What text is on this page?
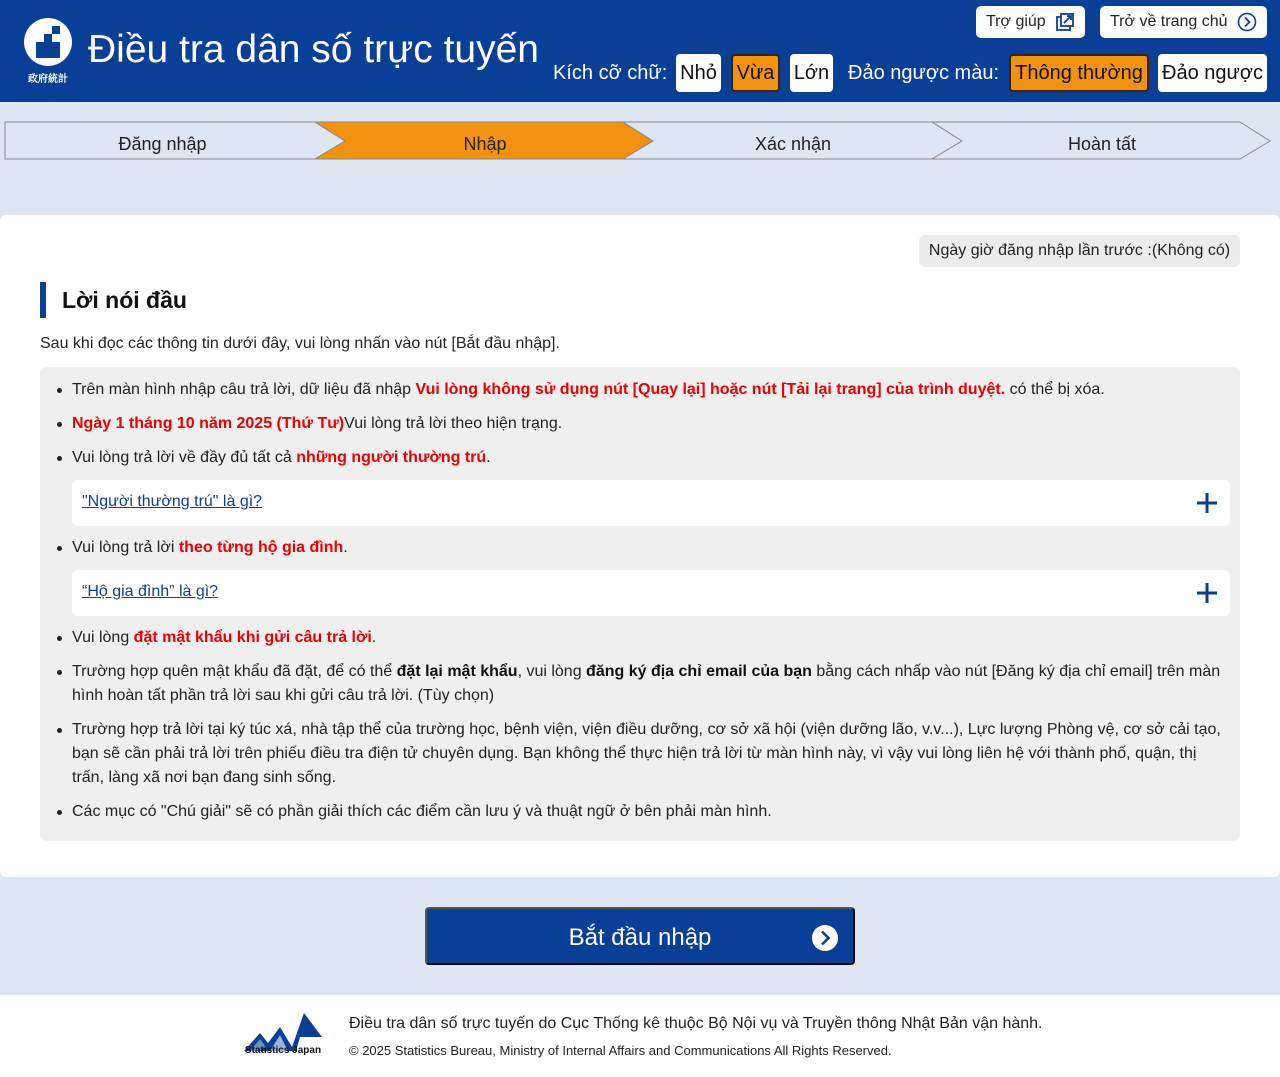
政府統計
Điều tra dân số trực tuyến
Trợ giúp	Trở về trang chủ
Kích cỡ chữ: Nhỏ Vừa Lớn Đảo ngược màu: Thông thường Đảo ngược
Đăng nhập	Nhập	Xác nhận	Hoàn tất
Ngày giờ đăng nhập lần trước :(Không có)
Lời nói đầu
Sau khi đọc các thông tin dưới đây, vui lòng nhấn vào nút [Bắt đầu nhập].
Trên màn hình nhập câu trả lời, dữ liệu đã nhập Vui lòng không sử dụng nút [Quay lại] hoặc nút [Tải lại trang] của trình duyệt. có thể bị xóa.
Ngày 1 tháng 10 năm 2025 (Thứ Tư)Vui lòng trả lời theo hiện trạng.
Vui lòng trả lời về đầy đủ tất cả những người thường trú.
"Người thường trú" là gì?
Vui lòng trả lời theo từng hộ gia đình.
“Hộ gia đình” là gì?
Vui lòng đặt mật khẩu khi gửi câu trả lời.
Trường hợp quên mật khẩu đã đặt, để có thể đặt lại mật khẩu, vui lòng đăng ký địa chỉ email của bạn bằng cách nhấp vào nút [Đăng ký địa chỉ email] trên màn hình hoàn tất phần trả lời sau khi gửi câu trả lời. (Tùy chọn)
Trường hợp trả lời tại ký túc xá, nhà tập thể của trường học, bệnh viện, viện điều dưỡng, cơ sở xã hội (viện dưỡng lão, v.v...), Lực lượng Phòng vệ, cơ sở cải tạo, bạn sẽ cần phải trả lời trên phiếu điều tra điện tử chuyên dụng. Bạn không thể thực hiện trả lời từ màn hình này, vì vậy vui lòng liên hệ với thành phố, quận, thị trấn, làng xã nơi bạn đang sinh sống.
Các mục có "Chú giải" sẽ có phần giải thích các điểm cần lưu ý và thuật ngữ ở bên phải màn hình.
Bắt đầu nhập
Statistics Japan
Điều tra dân số trực tuyến do Cục Thống kê thuộc Bộ Nội vụ và Truyền thông Nhật Bản vận hành.
© 2025 Statistics Bureau, Ministry of Internal Affairs and Communications All Rights Reserved.
